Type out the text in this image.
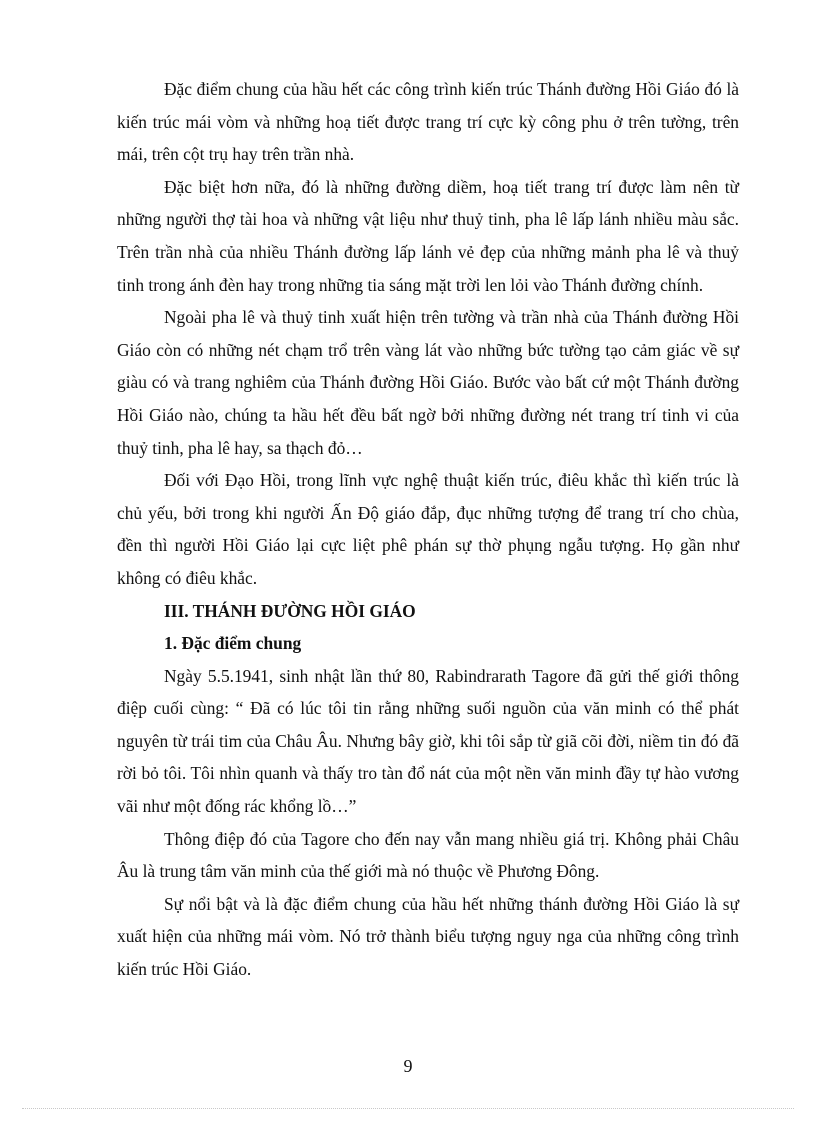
Đặc điểm chung của hầu hết các công trình kiến trúc Thánh đường Hồi Giáo đó là kiến trúc mái vòm và những hoạ tiết được trang trí cực kỳ công phu ở trên tường, trên mái, trên cột trụ hay trên trần nhà.

Đặc biệt hơn nữa, đó là những đường diềm, hoạ tiết trang trí được làm nên từ những người thợ tài hoa và những vật liệu như thuỷ tinh, pha lê lấp lánh nhiều màu sắc. Trên trần nhà của nhiều Thánh đường lấp lánh vẻ đẹp của những mảnh pha lê và thuỷ tinh trong ánh đèn hay trong những tia sáng mặt trời len lỏi vào Thánh đường chính.

Ngoài pha lê và thuỷ tinh xuất hiện trên tường và trần nhà của Thánh đường Hồi Giáo còn có những nét chạm trổ trên vàng lát vào những bức tường tạo cảm giác về sự giàu có và trang nghiêm của Thánh đường Hồi Giáo. Bước vào bất cứ một Thánh đường Hồi Giáo nào, chúng ta hầu hết đều bất ngờ bởi những đường nét trang trí tinh vi của thuỷ tinh, pha lê hay, sa thạch đỏ…

Đối với Đạo Hồi, trong lĩnh vực nghệ thuật kiến trúc, điêu khắc thì kiến trúc là chủ yếu, bởi trong khi người Ấn Độ giáo đắp, đục những tượng để trang trí cho chùa, đền thì người Hồi Giáo lại cực liệt phê phán sự thờ phụng ngẫu tượng. Họ gần như không có điêu khắc.

III. THÁNH ĐƯỜNG HỒI GIÁO
1. Đặc điểm chung

Ngày 5.5.1941, sinh nhật lần thứ 80, Rabindrarath Tagore đã gửi thế giới thông điệp cuối cùng: “ Đã có lúc tôi tin rằng những suối nguồn của văn minh có thể phát nguyên từ trái tim của Châu Âu. Nhưng bây giờ, khi tôi sắp từ giã cõi đời, niềm tin đó đã rời bỏ tôi. Tôi nhìn quanh và thấy tro tàn đổ nát của một nền văn minh đầy tự hào vương vãi như một đống rác khổng lồ…”

Thông điệp đó của Tagore cho đến nay vẫn mang nhiều giá trị. Không phải Châu Âu là trung tâm văn minh của thế giới mà nó thuộc về Phương Đông.

Sự nổi bật và là đặc điểm chung của hầu hết những thánh đường Hồi Giáo là sự xuất hiện của những mái vòm. Nó trở thành biểu tượng nguy nga của những công trình kiến trúc Hồi Giáo.

9
